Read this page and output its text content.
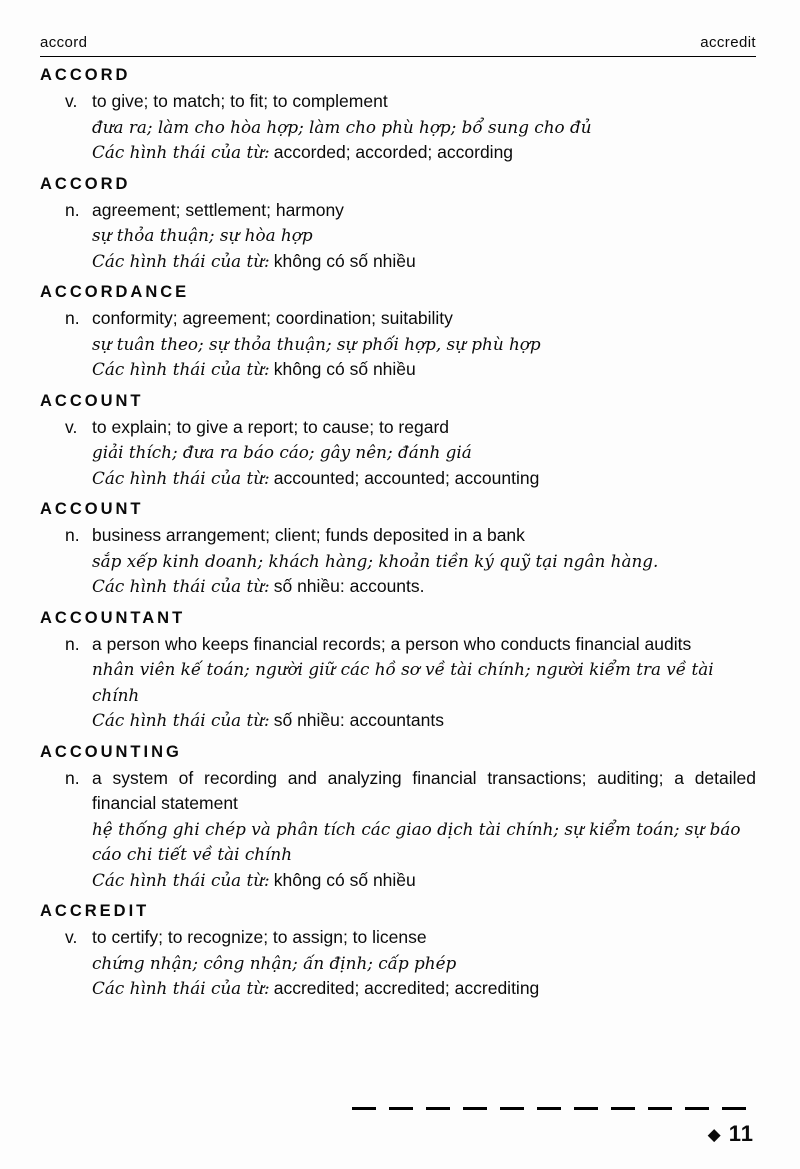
accord	accredit
ACCORD

v. to give; to match; to fit; to complement

đưa ra; làm cho hòa hợp; làm cho phù hợp; bổ sung cho đủ

Các hình thái của từ: accorded; accorded; according

ACCORD

n. agreement; settlement; harmony

sự thỏa thuận; sự hòa hợp

Các hình thái của từ: không có số nhiều

ACCORDANCE

n. conformity; agreement; coordination; suitability

sự tuân theo; sự thỏa thuận; sự phối hợp, sự phù hợp

Các hình thái của từ: không có số nhiều

ACCOUNT

v. to explain; to give a report; to cause; to regard

giải thích; đưa ra báo cáo; gây nên; đánh giá

Các hình thái của từ: accounted; accounted; accounting

ACCOUNT

n. business arrangement; client; funds deposited in a bank

sắp xếp kinh doanh; khách hàng; khoản tiền ký quỹ tại ngân hàng.

Các hình thái của từ: số nhiều: accounts.

ACCOUNTANT

n. a person who keeps financial records; a person who conducts financial audits

nhân viên kế toán; người giữ các hồ sơ về tài chính; người kiểm tra về tài chính

Các hình thái của từ: số nhiều: accountants

ACCOUNTING

n. a system of recording and analyzing financial transactions; auditing; a detailed financial statement

hệ thống ghi chép và phân tích các giao dịch tài chính; sự kiểm toán; sự báo cáo chi tiết về tài chính

Các hình thái của từ: không có số nhiều

ACCREDIT

v. to certify; to recognize; to assign; to license

chứng nhận; công nhận; ấn định; cấp phép

Các hình thái của từ: accredited; accredited; accrediting

◆ 11
